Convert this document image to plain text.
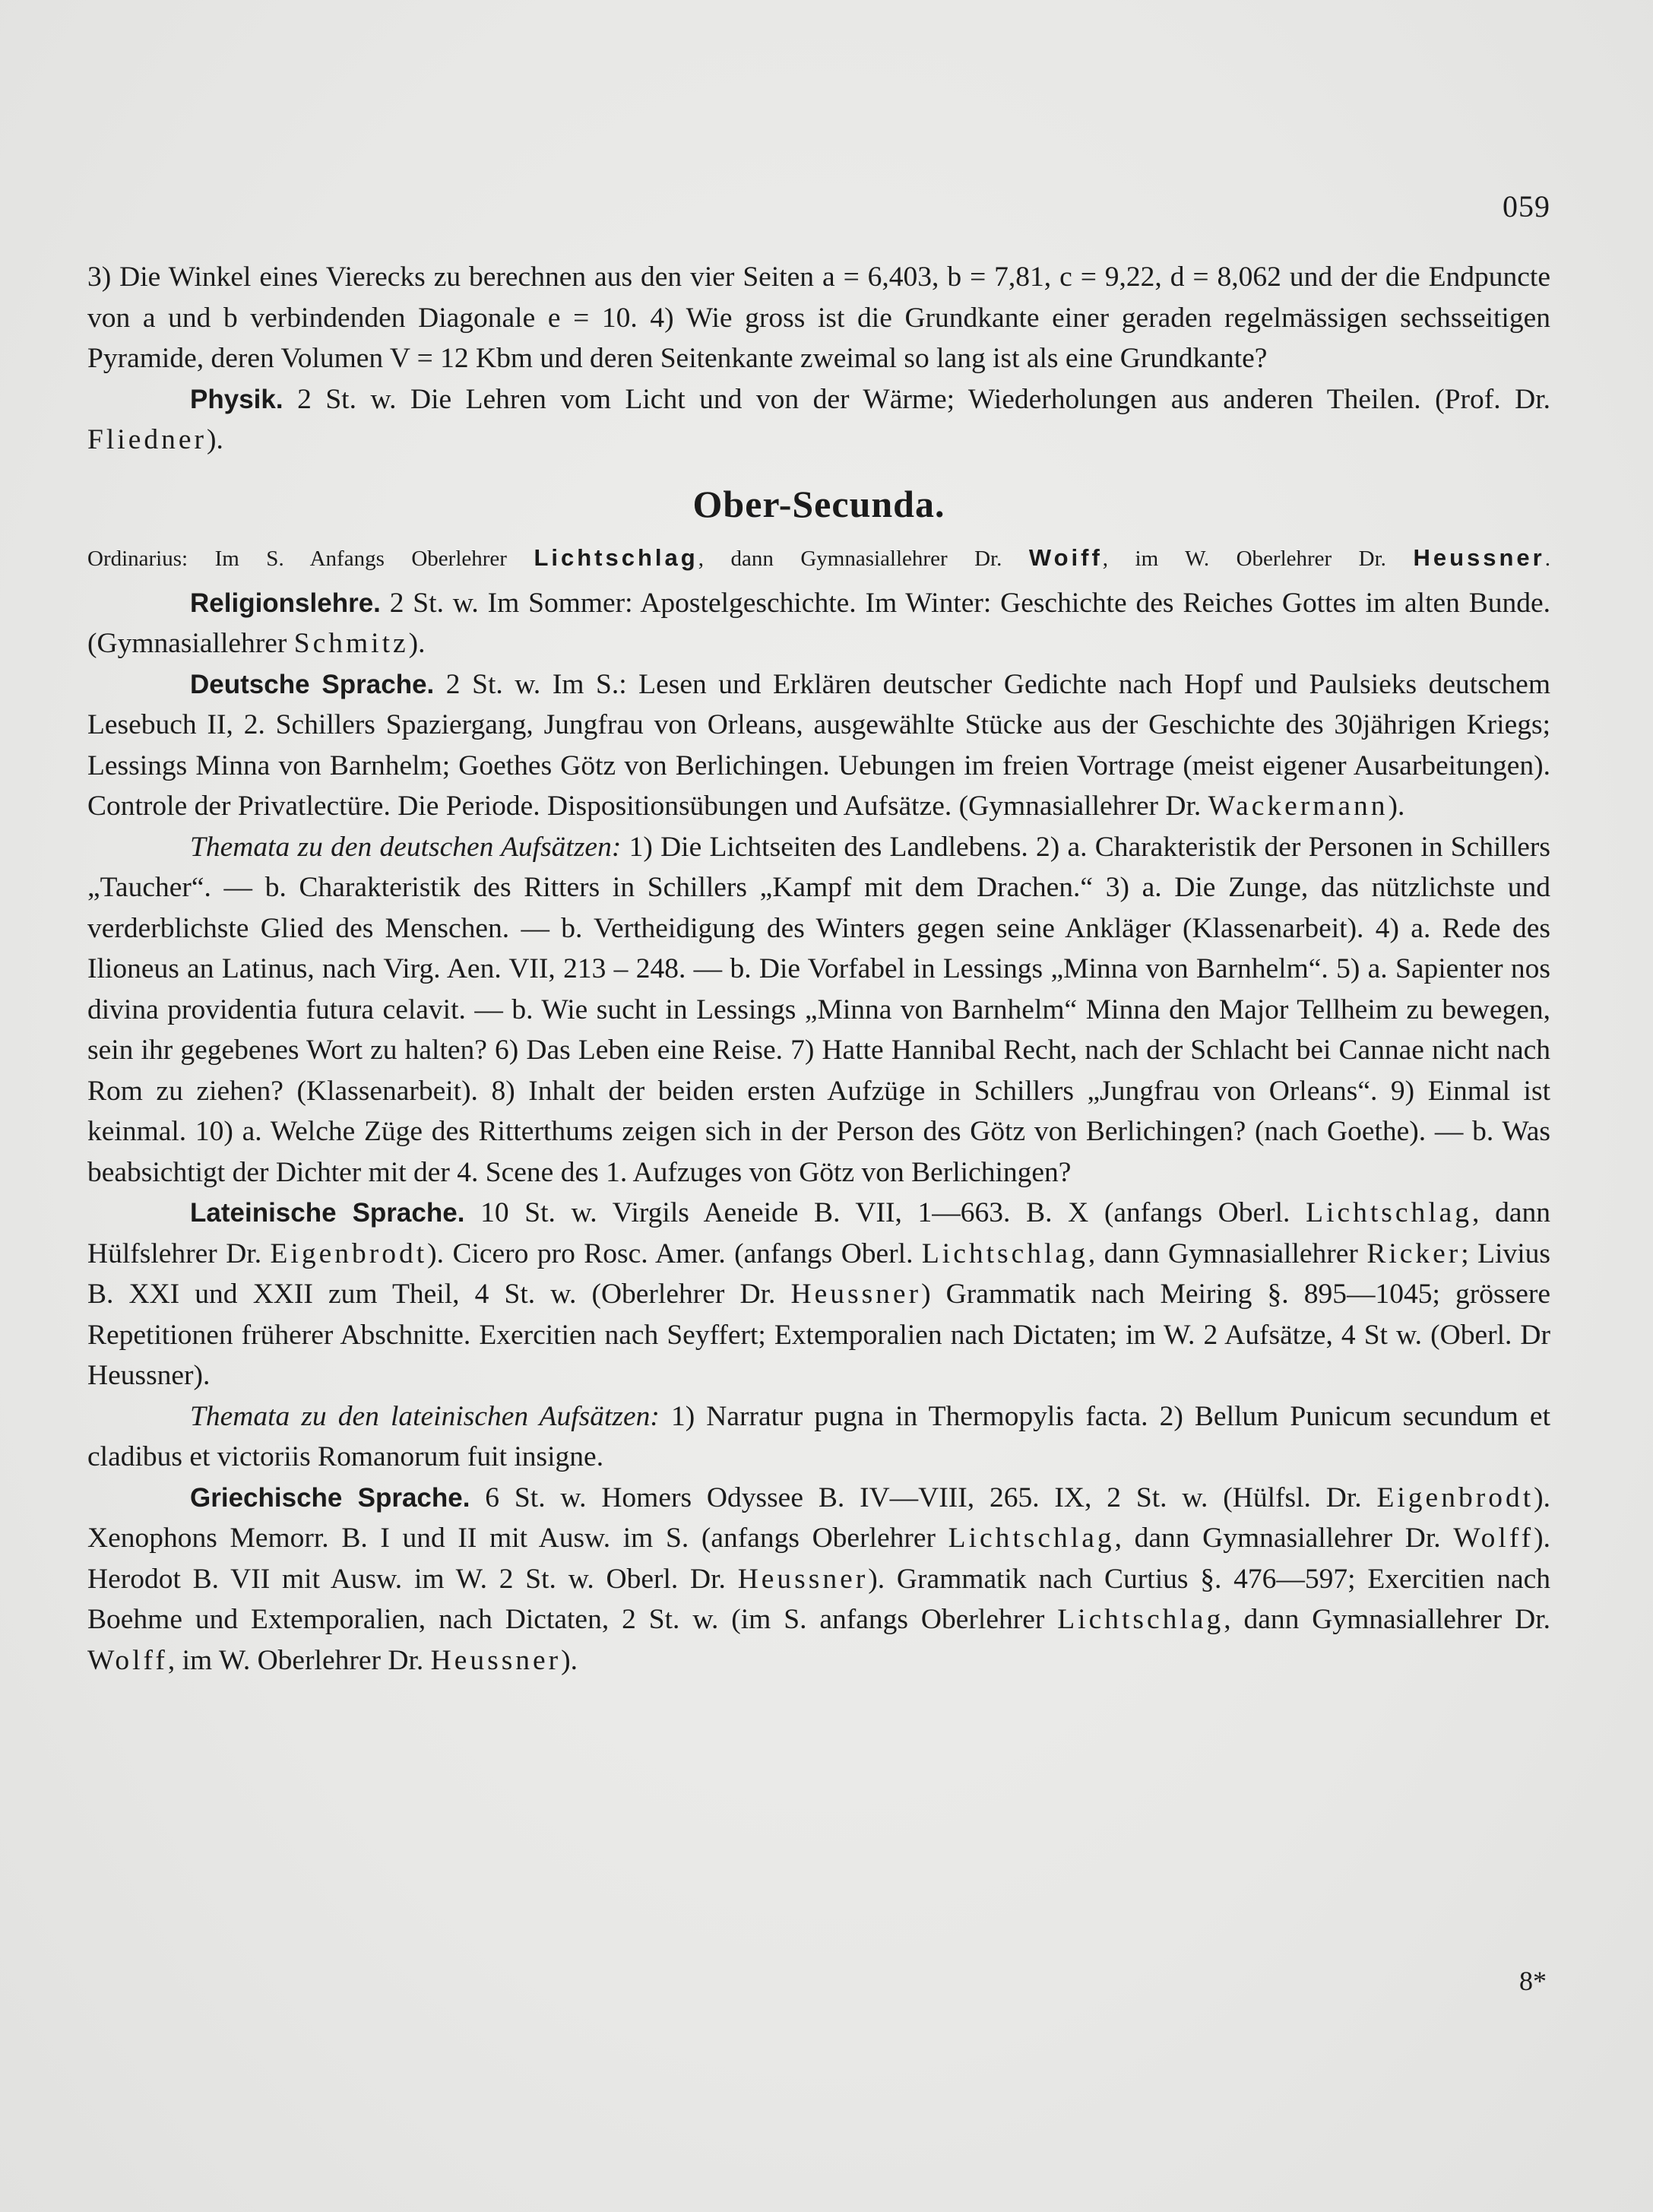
059

3) Die Winkel eines Vierecks zu berechnen aus den vier Seiten a = 6,403, b = 7,81, c = 9,22, d = 8,062 und der die Endpuncte von a und b verbindenden Diagonale e = 10. 4) Wie gross ist die Grundkante einer geraden regelmässigen sechsseitigen Pyramide, deren Volumen V = 12 Kbm und deren Seitenkante zweimal so lang ist als eine Grundkante?

Physik. 2 St. w. Die Lehren vom Licht und von der Wärme; Wiederholungen aus anderen Theilen. (Prof. Dr. Fliedner).

Ober-Secunda.
Ordinarius: Im S. Anfangs Oberlehrer Lichtschlag, dann Gymnasiallehrer Dr. Woiff, im W. Oberlehrer Dr. Heussner.

Religionslehre. 2 St. w. Im Sommer: Apostelgeschichte. Im Winter: Geschichte des Reiches Gottes im alten Bunde. (Gymnasiallehrer Schmitz).

Deutsche Sprache. 2 St. w. Im S.: Lesen und Erklären deutscher Gedichte nach Hopf und Paulsieks deutschem Lesebuch II, 2. Schillers Spaziergang, Jungfrau von Orleans, ausgewählte Stücke aus der Geschichte des 30jährigen Kriegs; Lessings Minna von Barnhelm; Goethes Götz von Berlichingen. Uebungen im freien Vortrage (meist eigener Ausarbeitungen). Controle der Privatlectüre. Die Periode. Dispositionsübungen und Aufsätze. (Gymnasiallehrer Dr. Wackermann).

Themata zu den deutschen Aufsätzen: 1) Die Lichtseiten des Landlebens. 2) a. Charakteristik der Personen in Schillers „Taucher“. — b. Charakteristik des Ritters in Schillers „Kampf mit dem Drachen.“ 3) a. Die Zunge, das nützlichste und verderblichste Glied des Menschen. — b. Vertheidigung des Winters gegen seine Ankläger (Klassenarbeit). 4) a. Rede des Ilioneus an Latinus, nach Virg. Aen. VII, 213 – 248. — b. Die Vorfabel in Lessings „Minna von Barnhelm“. 5) a. Sapienter nos divina providentia futura celavit. — b. Wie sucht in Lessings „Minna von Barnhelm“ Minna den Major Tellheim zu bewegen, sein ihr gegebenes Wort zu halten? 6) Das Leben eine Reise. 7) Hatte Hannibal Recht, nach der Schlacht bei Cannae nicht nach Rom zu ziehen? (Klassenarbeit). 8) Inhalt der beiden ersten Aufzüge in Schillers „Jungfrau von Orleans“. 9) Einmal ist keinmal. 10) a. Welche Züge des Ritterthums zeigen sich in der Person des Götz von Berlichingen? (nach Goethe). — b. Was beabsichtigt der Dichter mit der 4. Scene des 1. Aufzuges von Götz von Berlichingen?

Lateinische Sprache. 10 St. w. Virgils Aeneide B. VII, 1—663. B. X (anfangs Oberl. Lichtschlag, dann Hülfslehrer Dr. Eigenbrodt). Cicero pro Rosc. Amer. (anfangs Oberl. Lichtschlag, dann Gymnasiallehrer Ricker; Livius B. XXI und XXII zum Theil, 4 St. w. (Oberlehrer Dr. Heussner) Grammatik nach Meiring §. 895—1045; grössere Repetitionen früherer Abschnitte. Exercitien nach Seyffert; Extemporalien nach Dictaten; im W. 2 Aufsätze, 4 St w. (Oberl. Dr Heussner).

Themata zu den lateinischen Aufsätzen: 1) Narratur pugna in Thermopylis facta. 2) Bellum Punicum secundum et cladibus et victoriis Romanorum fuit insigne.

Griechische Sprache. 6 St. w. Homers Odyssee B. IV—VIII, 265. IX, 2 St. w. (Hülfsl. Dr. Eigenbrodt). Xenophons Memorr. B. I und II mit Ausw. im S. (anfangs Oberlehrer Lichtschlag, dann Gymnasiallehrer Dr. Wolff). Herodot B. VII mit Ausw. im W. 2 St. w. Oberl. Dr. Heussner). Grammatik nach Curtius §. 476—597; Exercitien nach Boehme und Extemporalien, nach Dictaten, 2 St. w. (im S. anfangs Oberlehrer Lichtschlag, dann Gymnasiallehrer Dr. Wolff, im W. Oberlehrer Dr. Heussner).

8*
